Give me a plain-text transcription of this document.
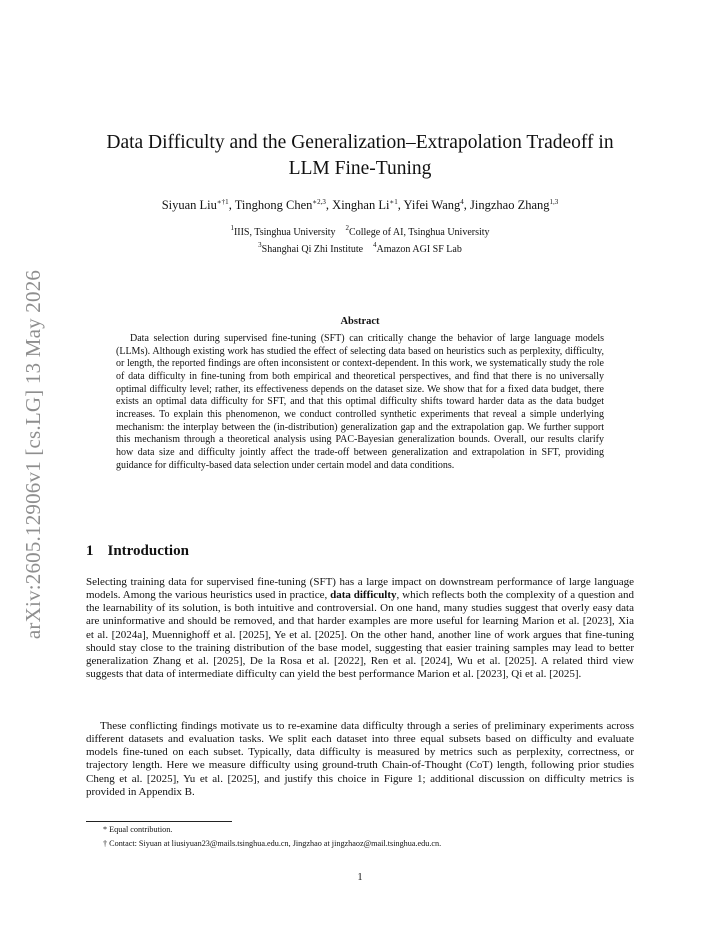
arXiv:2605.12906v1 [cs.LG] 13 May 2026
Data Difficulty and the Generalization–Extrapolation Tradeoff in
LLM Fine-Tuning
Siyuan Liu$^{∗\dagger 1}$, Tinghong Chen$^{∗2,3}$, Xinghan $Li^{∗1}$, Yifei Wang$^4$, Jingzhao Zhang$^{1,3}$
$^1$IIIS, Tsinghua University $^2$College of AI, Tsinghua University
$^3$Shanghai Qi Zhi Institute $^4$Amazon AGI SF Lab
Abstract

Data selection during supervised fine-tuning (SFT) can critically change the behavior of large language models (LLMs). Although existing work has studied the effect of selecting data based on heuristics such as perplexity, difficulty, or length, the reported findings are often inconsistent or context-dependent. In this work, we systematically study the role of data difficulty in fine-tuning from both empirical and theoretical perspectives, and find that there is no universally optimal difficulty level; rather, its effectiveness depends on the dataset size. We show that for a fixed data budget, there exists an optimal data difficulty for SFT, and that this optimal difficulty shifts toward harder data as the data budget increases. To explain this phenomenon, we conduct controlled synthetic experiments that reveal a simple underlying mechanism: the interplay between the (in-distribution) generalization gap and the extrapolation gap. We further support this mechanism through a theoretical analysis using PAC-Bayesian generalization bounds. Overall, our results clarify how data size and difficulty jointly affect the trade-off between generalization and extrapolation in SFT, providing guidance for difficulty-based data selection under certain model and data conditions.

1 Introduction

Selecting training data for supervised fine-tuning (SFT) has a large impact on downstream performance of large language models. Among the various heuristics used in practice, data difficulty, which reflects both the complexity of a question and the learnability of its solution, is both intuitive and controversial. On one hand, many studies suggest that overly easy data are uninformative and should be removed, and that harder examples are more useful for learning Marion et al. [2023], Xia et al. [2024a], Muennighoff et al. [2025], Ye et al. [2025]. On the other hand, another line of work argues that fine-tuning should stay close to the training distribution of the base model, suggesting that easier training samples may lead to better generalization Zhang et al. [2025], De la Rosa et al. [2022], Ren et al. [2024], Wu et al. [2025]. A related third view suggests that data of intermediate difficulty can yield the best performance Marion et al. [2023], Qi et al. [2025].

These conflicting findings motivate us to re-examine data difficulty through a series of preliminary experiments across different datasets and evaluation tasks. We split each dataset into three equal subsets based on difficulty and evaluate models fine-tuned on each subset. Typically, data difficulty is measured by metrics such as perplexity, correctness, or trajectory length. Here we measure difficulty using ground-truth Chain-of-Thought (CoT) length, following prior studies Cheng et al. [2025], Yu et al. [2025], and justify this choice in Figure 1; additional discussion on difficulty metrics is provided in Appendix B.

* Equal contribution.
† Contact: Siyuan at liusiyuan23@mails.tsinghua.edu.cn, Jingzhao at jingzhaoz@mail.tsinghua.edu.cn.
1
